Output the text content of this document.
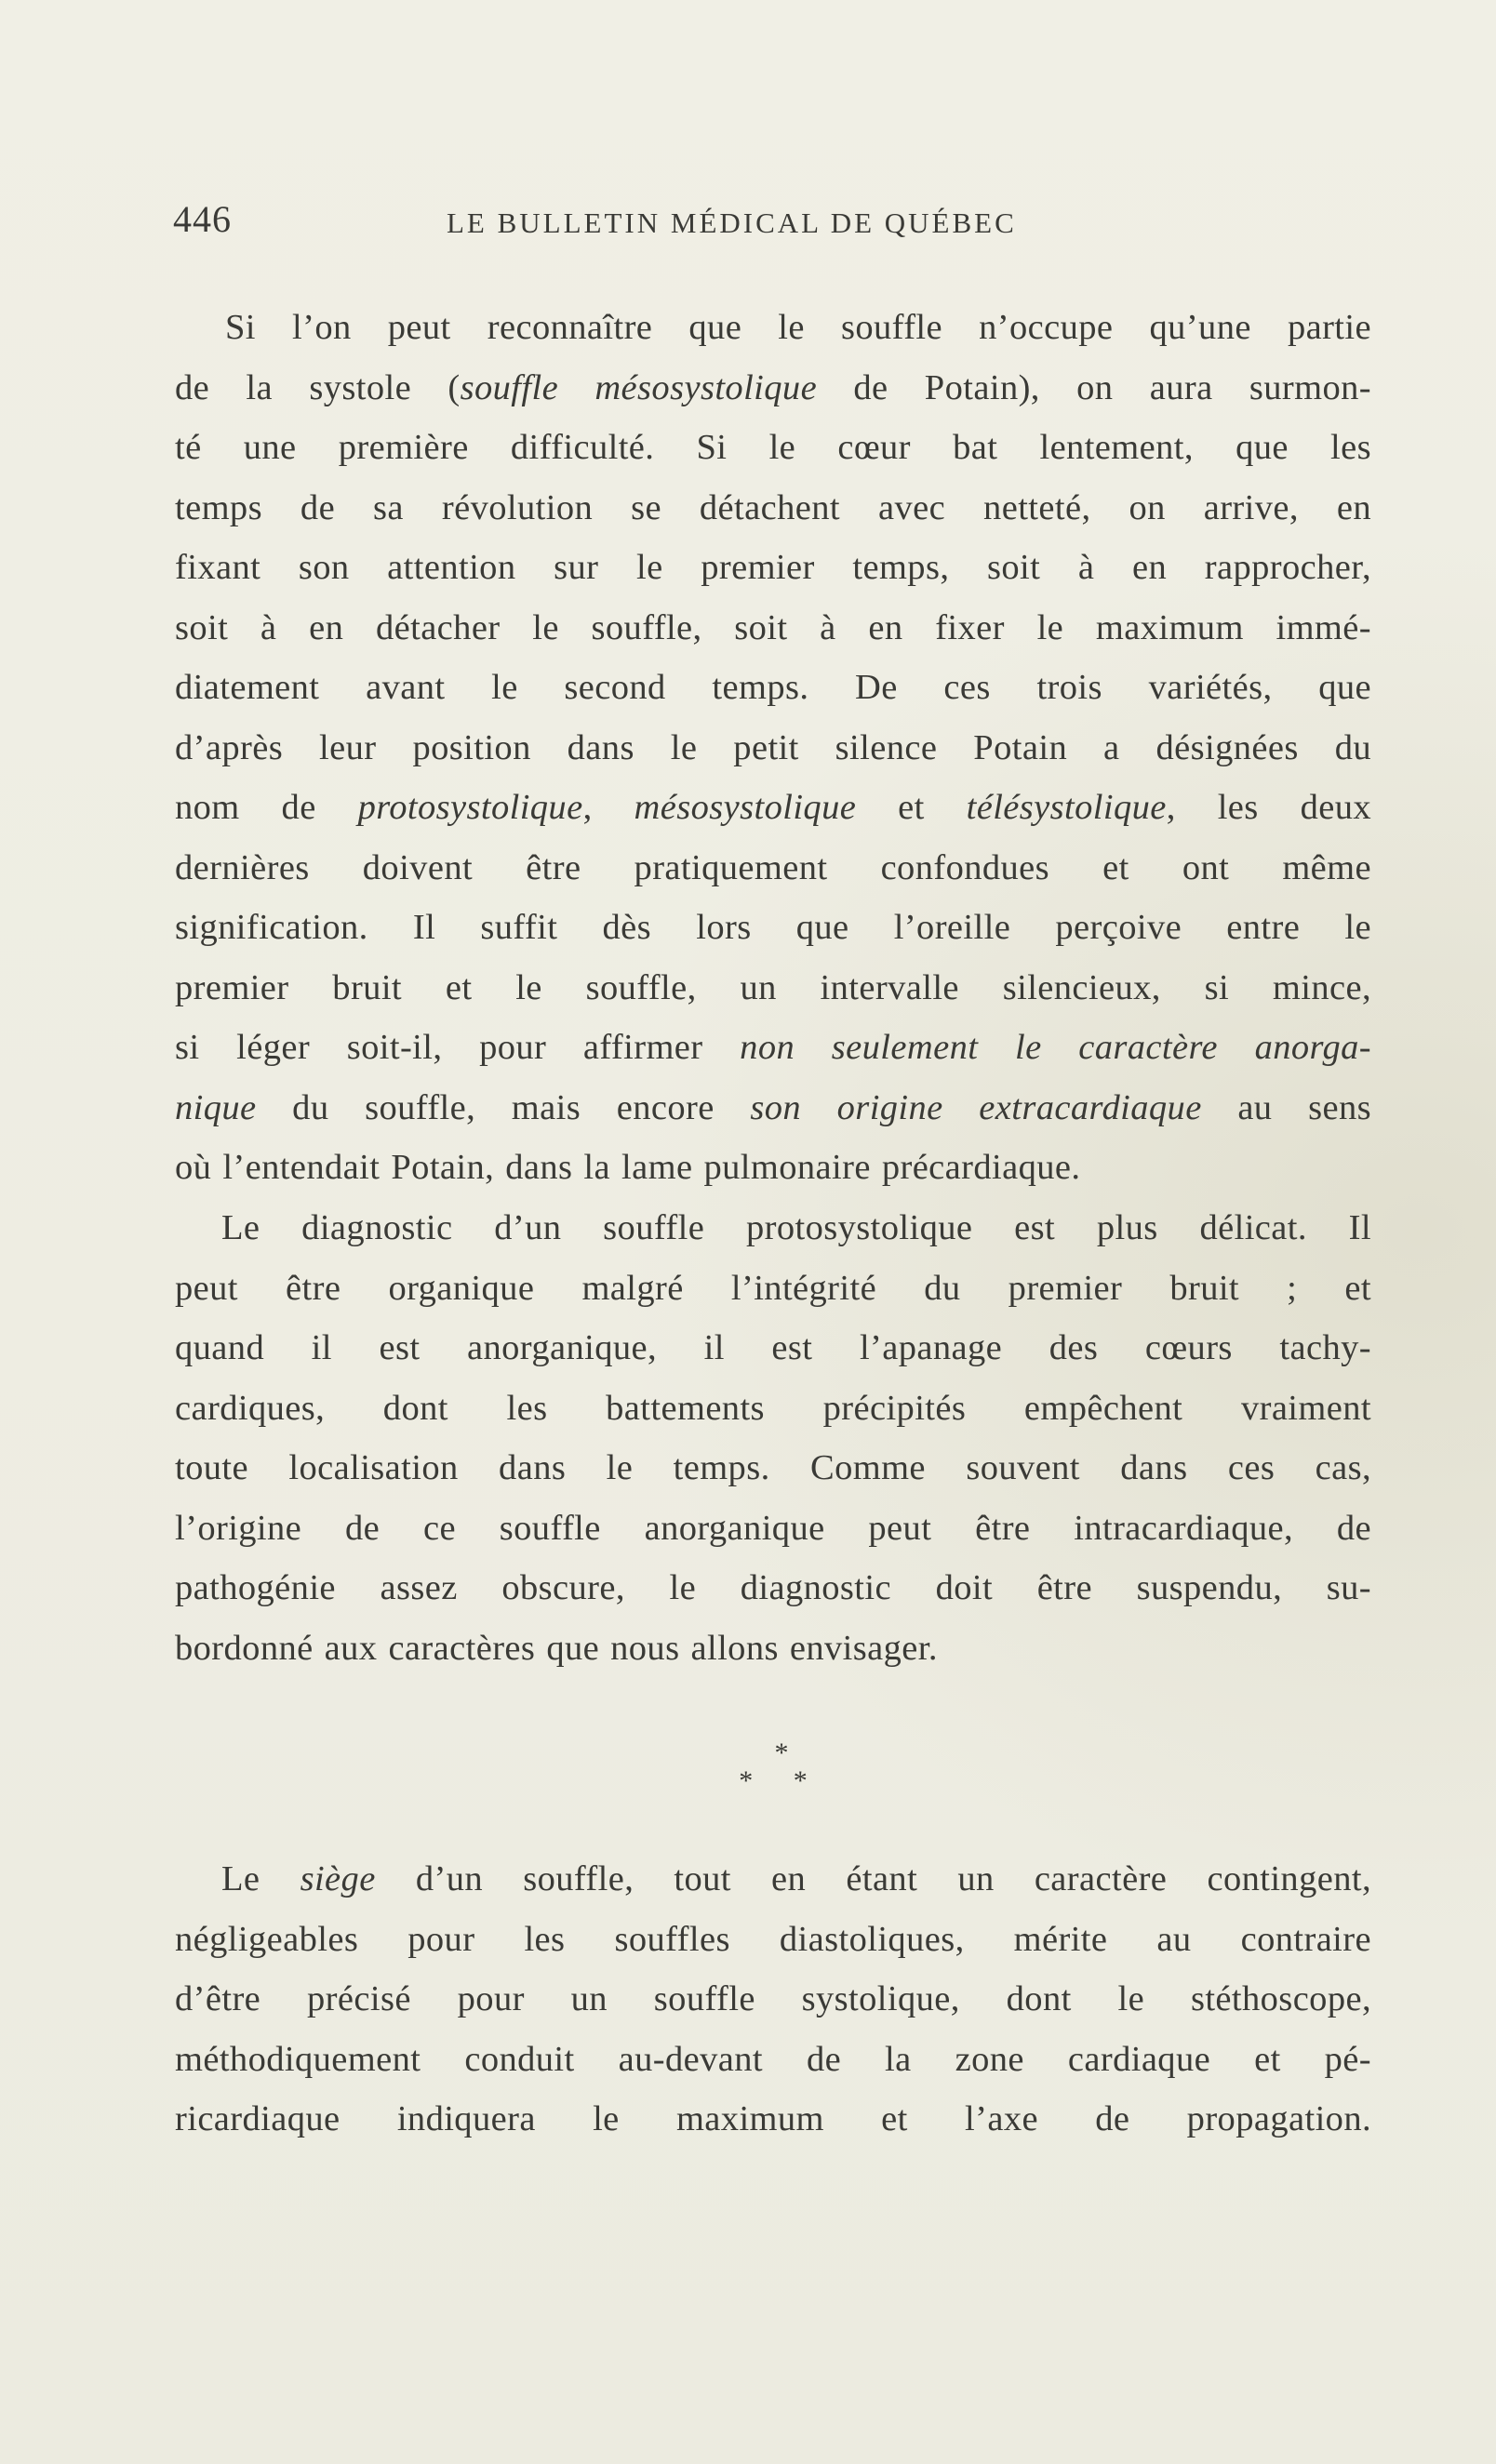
446	LE BULLETIN MÉDICAL DE QUÉBEC
Si l’on peut reconnaître que le souffle n’occupe qu’une partie
de la systole (souffle mésosystolique de Potain), on aura surmon-
té une première difficulté. Si le cœur bat lentement, que les
temps de sa révolution se détachent avec netteté, on arrive, en
fixant son attention sur le premier temps, soit à en rapprocher,
soit à en détacher le souffle, soit à en fixer le maximum immé-
diatement avant le second temps. De ces trois variétés, que
d’après leur position dans le petit silence Potain a désignées du
nom de protosystolique, mésosystolique et télésystolique, les deux
dernières doivent être pratiquement confondues et ont même
signification. Il suffit dès lors que l’oreille perçoive entre le
premier bruit et le souffle, un intervalle silencieux, si mince,
si léger soit-il, pour affirmer non seulement le caractère anorga-
nique du souffle, mais encore son origine extracardiaque au sens
où l’entendait Potain, dans la lame pulmonaire précardiaque.
Le diagnostic d’un souffle protosystolique est plus délicat. Il
peut être organique malgré l’intégrité du premier bruit ; et
quand il est anorganique, il est l’apanage des cœurs tachy-
cardiques, dont les battements précipités empêchent vraiment
toute localisation dans le temps. Comme souvent dans ces cas,
l’origine de ce souffle anorganique peut être intracardiaque, de
pathogénie assez obscure, le diagnostic doit être suspendu, su-
bordonné aux caractères que nous allons envisager.
*
* *
Le siège d’un souffle, tout en étant un caractère contingent,
négligeables pour les souffles diastoliques, mérite au contraire
d’être précisé pour un souffle systolique, dont le stéthoscope,
méthodiquement conduit au-devant de la zone cardiaque et pé-
ricardiaque indiquera le maximum et l’axe de propagation.
